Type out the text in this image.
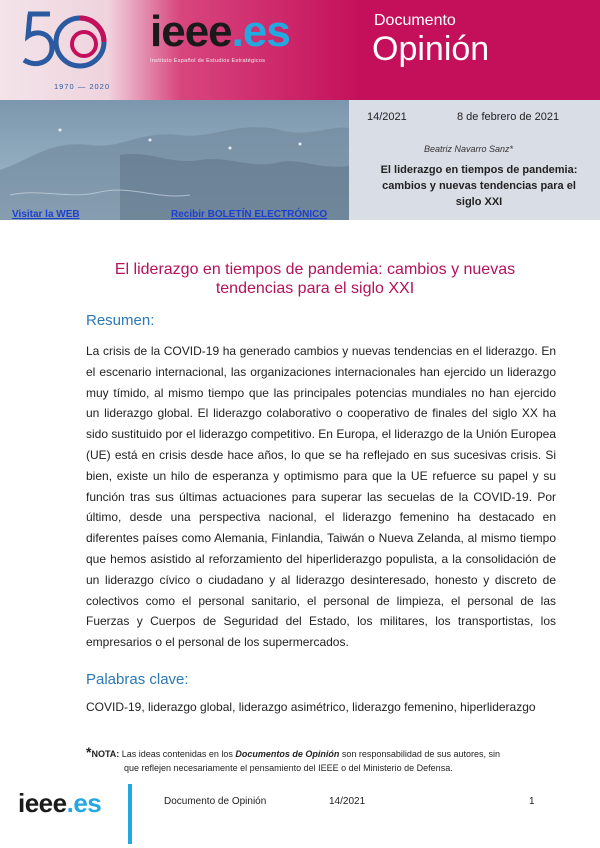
1970 — 2020
ieee.es
Instituto Español de Estudios Estratégicos
Documento
Opinión
Visitar la WEB	Recibir BOLETÍN ELECTRÓNICO
14/2021	8 de febrero de 2021
Beatriz Navarro Sanz*
El liderazgo en tiempos de pandemia: cambios y nuevas tendencias para el siglo XXI
El liderazgo en tiempos de pandemia: cambios y nuevas tendencias para el siglo XXI
Resumen:
La crisis de la COVID-19 ha generado cambios y nuevas tendencias en el liderazgo. En el escenario internacional, las organizaciones internacionales han ejercido un liderazgo muy tímido, al mismo tiempo que las principales potencias mundiales no han ejercido un liderazgo global. El liderazgo colaborativo o cooperativo de finales del siglo XX ha sido sustituido por el liderazgo competitivo. En Europa, el liderazgo de la Unión Europea (UE) está en crisis desde hace años, lo que se ha reflejado en sus sucesivas crisis. Si bien, existe un hilo de esperanza y optimismo para que la UE refuerce su papel y su función tras sus últimas actuaciones para superar las secuelas de la COVID-19. Por último, desde una perspectiva nacional, el liderazgo femenino ha destacado en diferentes países como Alemania, Finlandia, Taiwán o Nueva Zelanda, al mismo tiempo que hemos asistido al reforzamiento del hiperliderazgo populista, a la consolidación de un liderazgo cívico o ciudadano y al liderazgo desinteresado, honesto y discreto de colectivos como el personal sanitario, el personal de limpieza, el personal de las Fuerzas y Cuerpos de Seguridad del Estado, los militares, los transportistas, los empresarios o el personal de los supermercados.
Palabras clave:
COVID-19, liderazgo global, liderazgo asimétrico, liderazgo femenino, hiperliderazgo
*NOTA: Las ideas contenidas en los Documentos de Opinión son responsabilidad de sus autores, sin
que reflejen necesariamente el pensamiento del IEEE o del Ministerio de Defensa.
ieee.es	Documento de Opinión	14/2021	1
